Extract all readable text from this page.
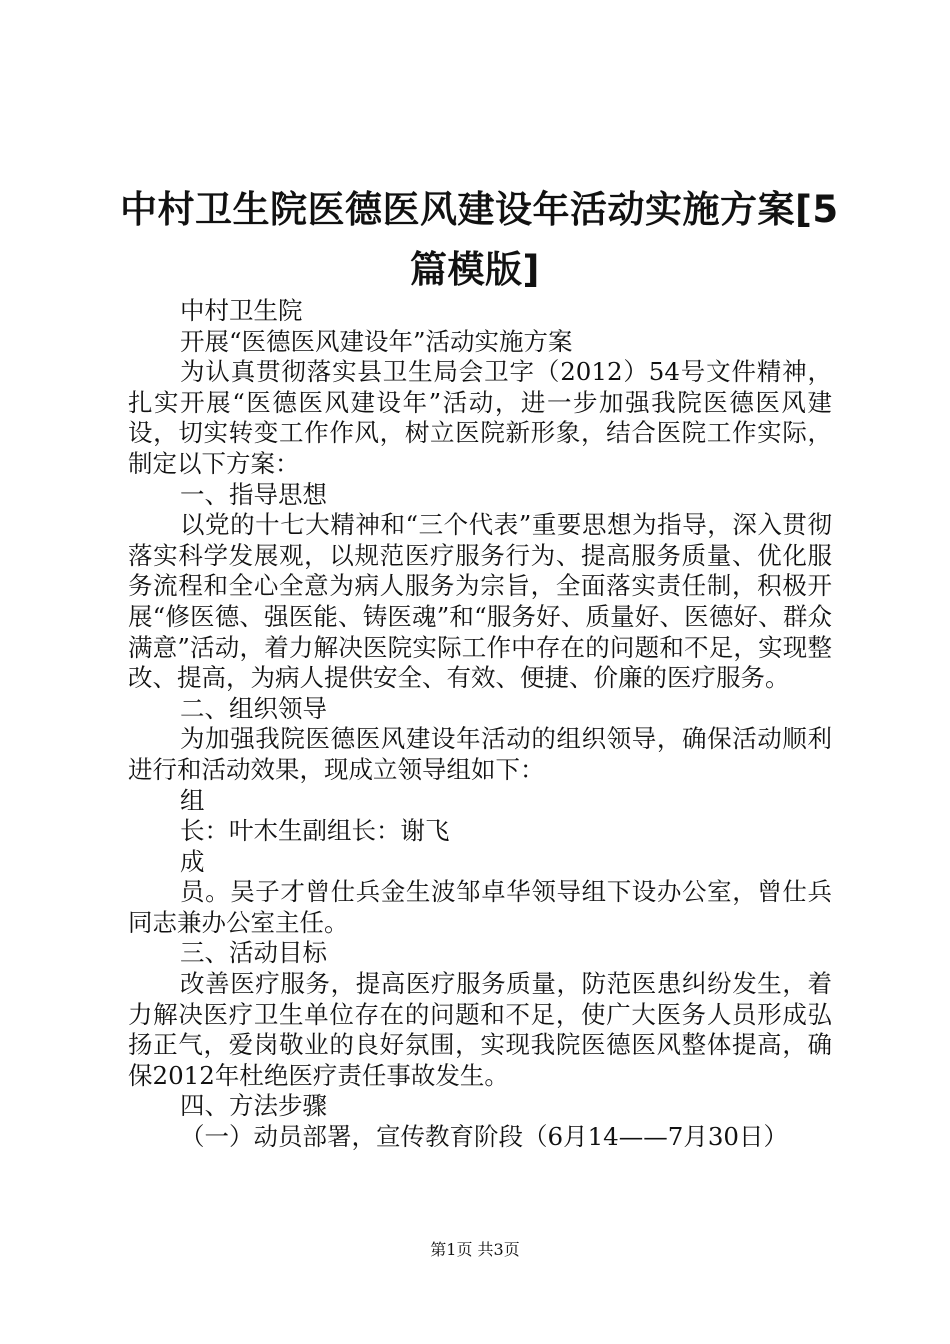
中村卫生院医德医风建设年活动实施方案[5
篇模版]

中村卫生院

开展“医德医风建设年”活动实施方案

为认真贯彻落实县卫生局会卫字（2012）54号文件精神，扎实开展“医德医风建设年”活动，进一步加强我院医德医风建设，切实转变工作作风，树立医院新形象，结合医院工作实际，制定以下方案：

一、指导思想

以党的十七大精神和“三个代表”重要思想为指导，深入贯彻落实科学发展观，以规范医疗服务行为、提高服务质量、优化服务流程和全心全意为病人服务为宗旨，全面落实责任制，积极开展“修医德、强医能、铸医魂”和“服务好、质量好、医德好、群众满意”活动，着力解决医院实际工作中存在的问题和不足，实现整改、提高，为病人提供安全、有效、便捷、价廉的医疗服务。

二、组织领导

为加强我院医德医风建设年活动的组织领导，确保活动顺利进行和活动效果，现成立领导组如下：

组

长：叶木生副组长：谢飞

成

员。吴子才曾仕兵金生波邹卓华领导组下设办公室，曾仕兵同志兼办公室主任。

三、活动目标

改善医疗服务，提高医疗服务质量，防范医患纠纷发生，着力解决医疗卫生单位存在的问题和不足，使广大医务人员形成弘扬正气，爱岗敬业的良好氛围，实现我院医德医风整体提高，确保2012年杜绝医疗责任事故发生。

四、方法步骤

（一）动员部署，宣传教育阶段（6月14——7月30日）

第1页 共3页
